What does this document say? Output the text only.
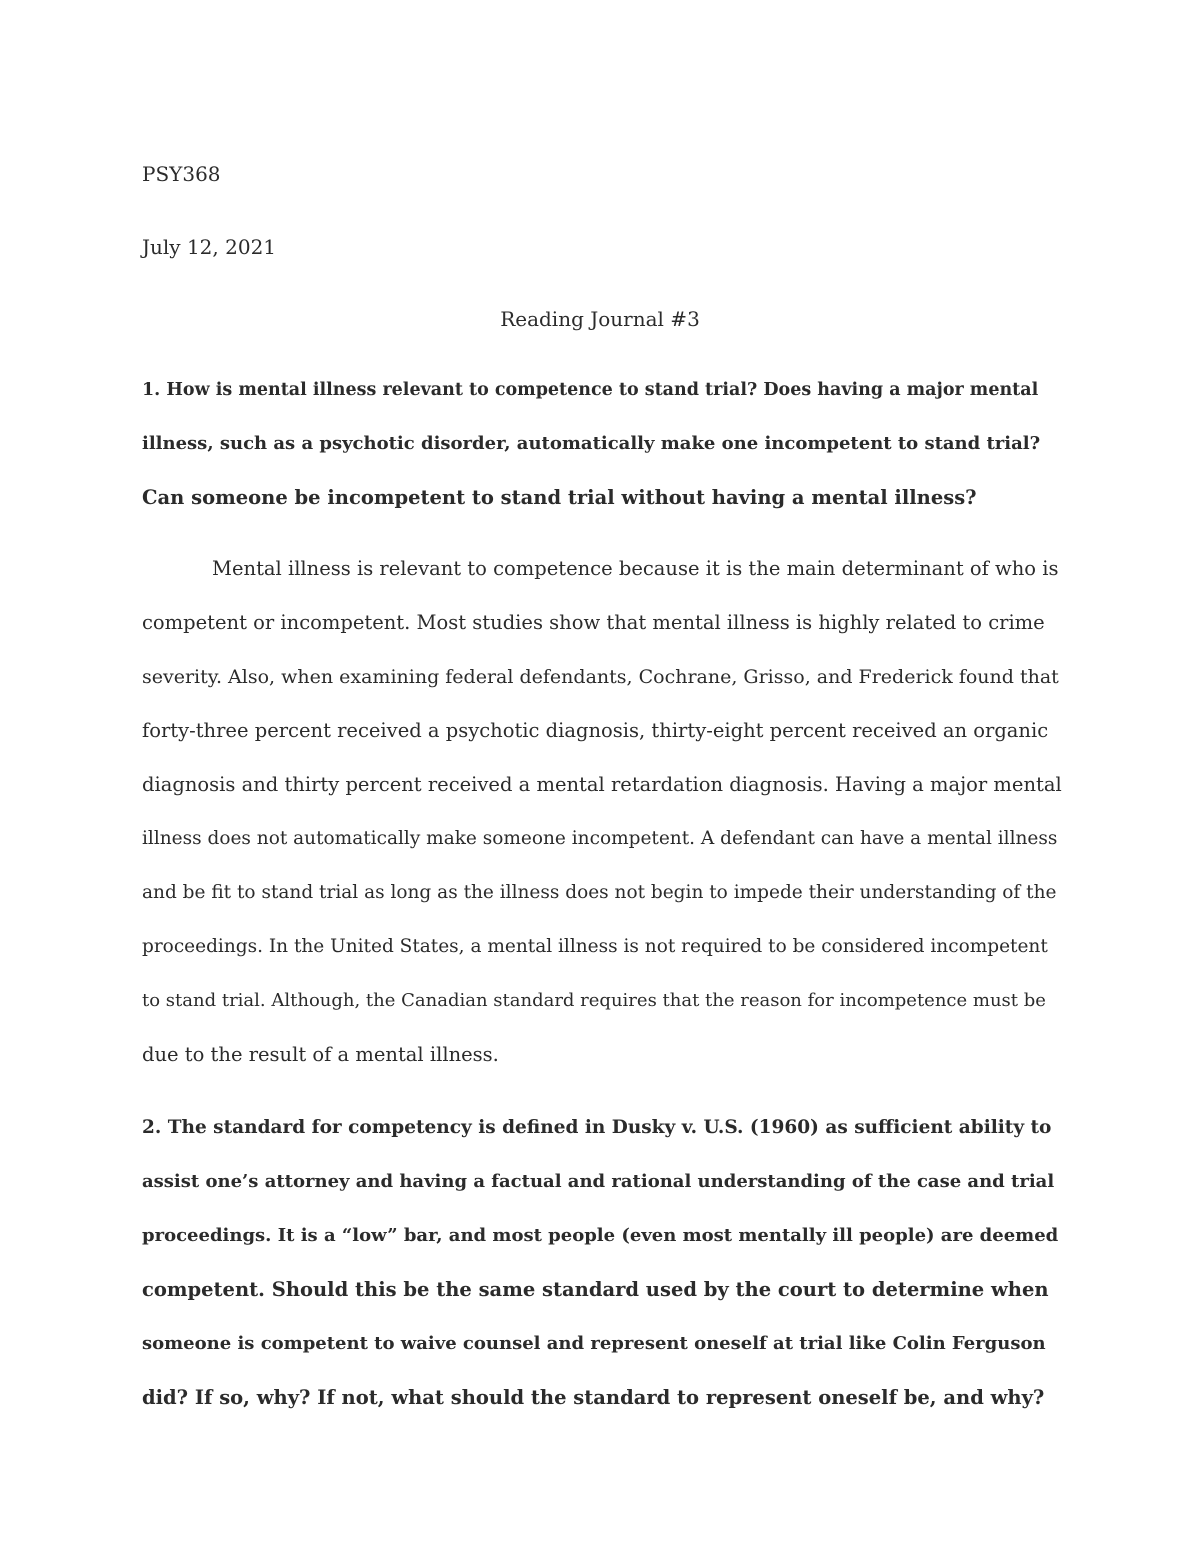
PSY368

July 12, 2021

Reading Journal #3

1. How is mental illness relevant to competence to stand trial? Does having a major mental
illness, such as a psychotic disorder, automatically make one incompetent to stand trial?
Can someone be incompetent to stand trial without having a mental illness?
Mental illness is relevant to competence because it is the main determinant of who is
competent or incompetent. Most studies show that mental illness is highly related to crime
severity. Also, when examining federal defendants, Cochrane, Grisso, and Frederick found that
forty-three percent received a psychotic diagnosis, thirty-eight percent received an organic
diagnosis and thirty percent received a mental retardation diagnosis. Having a major mental
illness does not automatically make someone incompetent. A defendant can have a mental illness
and be fit to stand trial as long as the illness does not begin to impede their understanding of the
proceedings. In the United States, a mental illness is not required to be considered incompetent
to stand trial. Although, the Canadian standard requires that the reason for incompetence must be
due to the result of a mental illness.
2. The standard for competency is defined in Dusky v. U.S. (1960) as sufficient ability to
assist one’s attorney and having a factual and rational understanding of the case and trial
proceedings. It is a “low” bar, and most people (even most mentally ill people) are deemed
competent. Should this be the same standard used by the court to determine when
someone is competent to waive counsel and represent oneself at trial like Colin Ferguson
did? If so, why? If not, what should the standard to represent oneself be, and why?
